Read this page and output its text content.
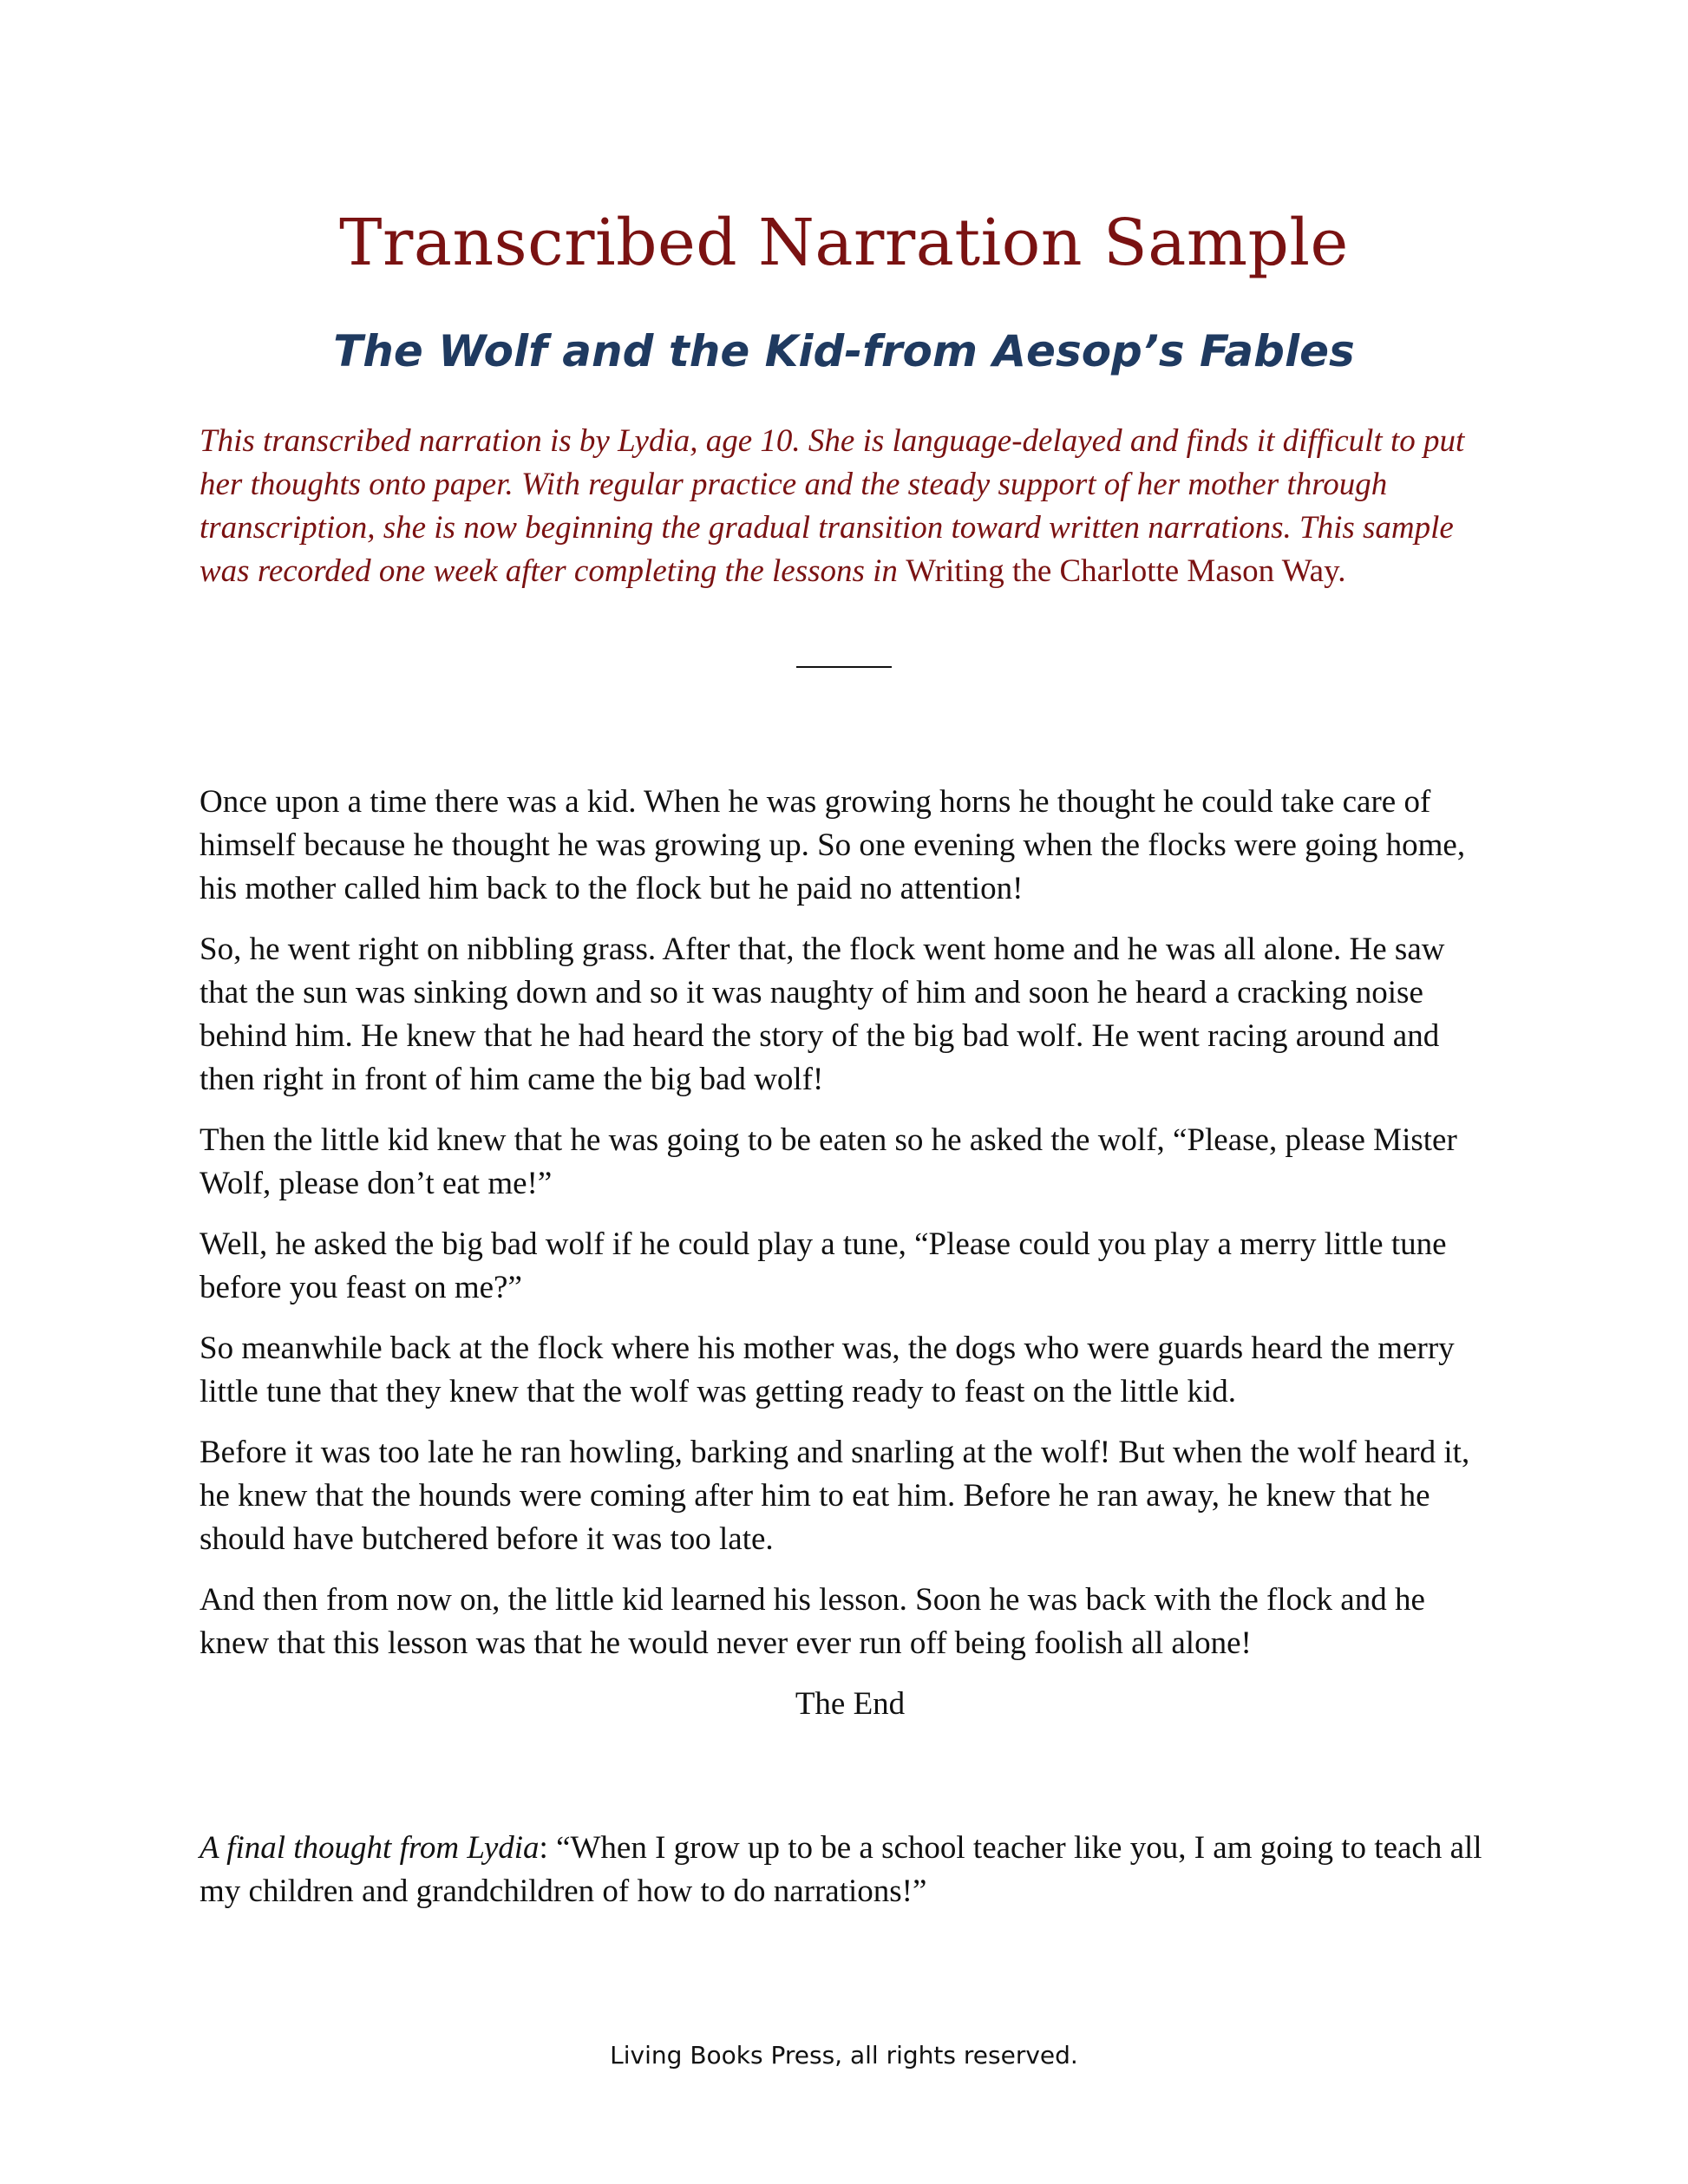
Transcribed Narration Sample
The Wolf and the Kid-from Aesop’s Fables

This transcribed narration is by Lydia, age 10. She is language-delayed and finds it difficult to put her thoughts onto paper. With regular practice and the steady support of her mother through transcription, she is now beginning the gradual transition toward written narrations. This sample was recorded one week after completing the lessons in Writing the Charlotte Mason Way.

Once upon a time there was a kid. When he was growing horns he thought he could take care of himself because he thought he was growing up. So one evening when the flocks were going home, his mother called him back to the flock but he paid no attention!

So, he went right on nibbling grass. After that, the flock went home and he was all alone. He saw that the sun was sinking down and so it was naughty of him and soon he heard a cracking noise behind him. He knew that he had heard the story of the big bad wolf. He went racing around and then right in front of him came the big bad wolf!

Then the little kid knew that he was going to be eaten so he asked the wolf, “Please, please Mister Wolf, please don’t eat me!”

Well, he asked the big bad wolf if he could play a tune, “Please could you play a merry little tune before you feast on me?”

So meanwhile back at the flock where his mother was, the dogs who were guards heard the merry little tune that they knew that the wolf was getting ready to feast on the little kid.

Before it was too late he ran howling, barking and snarling at the wolf! But when the wolf heard it, he knew that the hounds were coming after him to eat him. Before he ran away, he knew that he should have butchered before it was too late.

And then from now on, the little kid learned his lesson. Soon he was back with the flock and he knew that this lesson was that he would never ever run off being foolish all alone!

The End

A final thought from Lydia: “When I grow up to be a school teacher like you, I am going to teach all my children and grandchildren of how to do narrations!”

Living Books Press, all rights reserved.
